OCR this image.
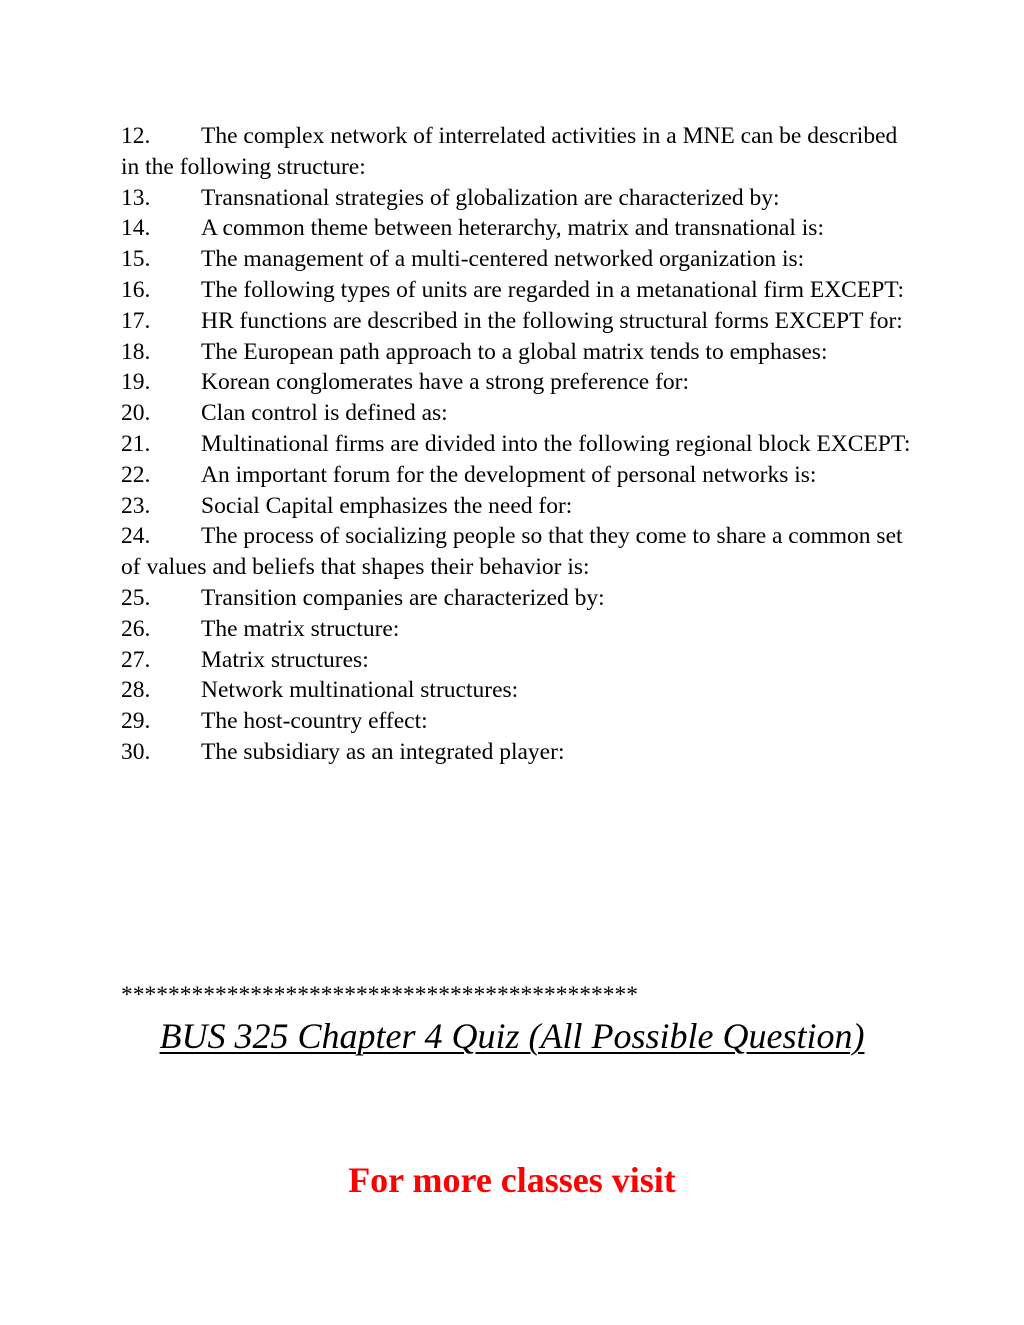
12. The complex network of interrelated activities in a MNE can be described in the following structure:

13. Transnational strategies of globalization are characterized by:

14. A common theme between heterarchy, matrix and transnational is:

15. The management of a multi-centered networked organization is:

16. The following types of units are regarded in a metanational firm EXCEPT:

17. HR functions are described in the following structural forms EXCEPT for:

18. The European path approach to a global matrix tends to emphases:

19. Korean conglomerates have a strong preference for:

20. Clan control is defined as:

21. Multinational firms are divided into the following regional block EXCEPT:

22. An important forum for the development of personal networks is:

23. Social Capital emphasizes the need for:

24. The process of socializing people so that they come to share a common set of values and beliefs that shapes their behavior is:

25. Transition companies are characterized by:

26. The matrix structure:

27. Matrix structures:

28. Network multinational structures:

29. The host-country effect:

30. The subsidiary as an integrated player:

********************************************
BUS 325 Chapter 4 Quiz (All Possible Question)
For more classes visit
